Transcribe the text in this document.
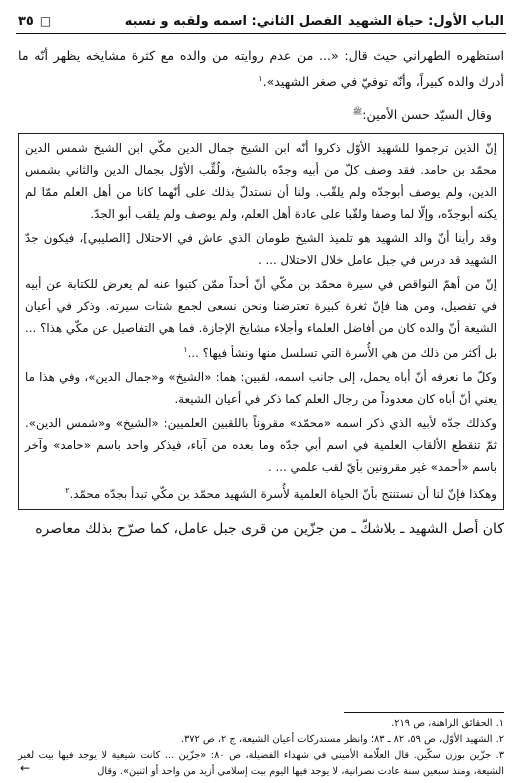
الباب الأول: حياة الشهيد
الفصل الثاني: اسمه ولقبه و نسبه
□
٣٥

استظهره الطهراني حيث قال: «... من عدم روايته من والده مع كثرة مشايخه يظهر أنّه ما أدرك والده كبيراً، وأنّه توفيّ في صغر الشهيد».$^١$

وقال السيّد حسن الأمين:$^ﷺ$

إنّ الذين ترجموا للشهيد الأوّل ذكروا أنّه ابن الشيخ جمال الدين مكّي ابن الشيخ شمس الدين محمّد بن حامد. فقد وصف كلّ من أبيه وجدّه بالشيخ، ولُقِّب الأوّل بجمال الدين والثاني بشمس الدين، ولم يوصف أبوجدّه ولم يلقّب. ولنا أن نستدلّ بذلك على أنّهما كانا من أهل العلم ممّا لم يكنه أبوجدّه، وإلّا لما وصفا ولقّبا على عادة أهل العلم، ولم يوصف ولم يلقب أبو الجدّ.

وقد رأينا أنّ والد الشهيد هو تلميذ الشيخ طومان الذي عاش في الاحتلال [الصليبي]، فيكون جدّ الشهيد قد درس في جبل عامل خلال الاحتلال ... .

إنّ من أهمّ النواقص في سيرة محمّد بن مكّي أنّ أحداً ممّن كتبوا عنه لم يعرض للكتابة عن أبيه في تفصيل، ومن هنا فإنّ ثغرة كبيرة تعترضنا ونحن نسعى لجمع شتات سيرته. وذكر في أعيان الشيعة أنّ والده كان من أفاضل العلماء وأجلاء مشايخ الإجازة. فما هي التفاصيل عن مكّي هذا؟ ... بل أكثر من ذلك من هي الأُسرة التي تسلسل منها ونشأ فيها؟ ...$^١$

وكلّ ما نعرفه أنّ أباه يحمل، إلى جانب اسمه، لقبين: هما: «الشيخ» و«جمال الدين»، وفي هذا ما يعني أنّ أباه كان معدوداً من رجال العلم كما ذكر في أعيان الشيعة.

وكذلك جدّه لأبيه الذي ذكر اسمه «محمّد» مقروناً باللقبين العلميين: «الشيخ» و«شمس الدين». ثمّ تنقطع الألقاب العلمية في اسم أبي جدّه وما بعده من آباء، فيذكر واحد باسم «حامد» وآخر باسم «أحمد» غير مقرونين بأيّ لقب علمي ... .

وهكذا فإنّ لنا أن نستنتج بأنّ الحياة العلمية لأُسرة الشهيد محمّد بن مكّي تبدأ بجدّه محمّد.$^٢$

كان أصل الشهيد ـ بلاشكّ ـ من جزّين من قرى جبل عامل، كما صرّح بذلك معاصره

١. الحقائق الراهنة، ص ٢١٩.

٢. الشهيد الأوّل، ص ٥٩، ٨٢ ـ ٨٣؛ وانظر مستدركات أعيان الشيعة، ج ٢، ص ٣٧٢.

٣. جزّين بوزن سكّين. قال العلّامة الأميني في شهداء الفضيلة، ص ٨٠: «جزّين ... كانت شيعية لا يوجد فيها بيت لغير الشيعة، ومنذ سبعين سنة عادت نصرانية، لا يوجد فيها اليوم بيت إسلامي أزيد من واحد أو اثنين». وقال

←
